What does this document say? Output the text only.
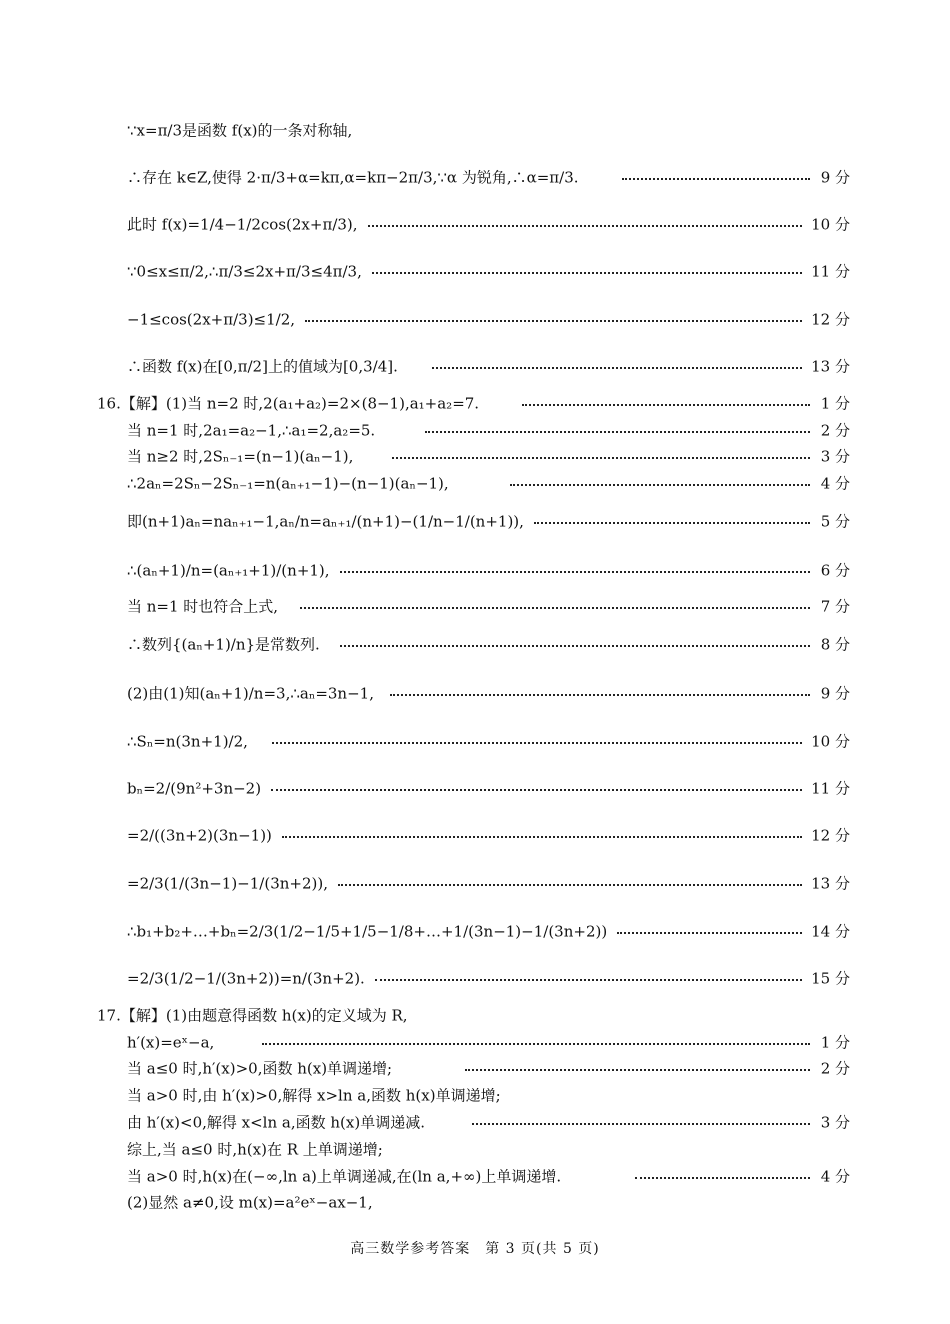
∵x=π/3是函数 f(x)的一条对称轴,
∴存在 k∈Z,使得 2·π/3+α=kπ,α=kπ−2π/3,∵α 为锐角,∴α=π/3.	9 分
此时 f(x)=1/4−1/2cos(2x+π/3),	10 分
∵0≤x≤π/2,∴π/3≤2x+π/3≤4π/3,	11 分
−1≤cos(2x+π/3)≤1/2,	12 分
∴函数 f(x)在[0,π/2]上的值域为[0,3/4].	13 分
16.【解】(1)当 n=2 时,2(a₁+a₂)=2×(8−1),a₁+a₂=7.	1 分
当 n=1 时,2a₁=a₂−1,∴a₁=2,a₂=5.	2 分
当 n≥2 时,2Sₙ₋₁=(n−1)(aₙ−1),	3 分
∴2aₙ=2Sₙ−2Sₙ₋₁=n(aₙ₊₁−1)−(n−1)(aₙ−1),	4 分
即(n+1)aₙ=naₙ₊₁−1,aₙ/n=aₙ₊₁/(n+1)−(1/n−1/(n+1)),	5 分
∴(aₙ+1)/n=(aₙ₊₁+1)/(n+1),	6 分
当 n=1 时也符合上式,	7 分
∴数列{(aₙ+1)/n}是常数列.	8 分
(2)由(1)知(aₙ+1)/n=3,∴aₙ=3n−1,	9 分
∴Sₙ=n(3n+1)/2,	10 分
bₙ=2/(9n²+3n−2)	11 分
=2/((3n+2)(3n−1))	12 分
=2/3(1/(3n−1)−1/(3n+2)),	13 分
∴b₁+b₂+…+bₙ=2/3(1/2−1/5+1/5−1/8+…+1/(3n−1)−1/(3n+2))	14 分
=2/3(1/2−1/(3n+2))=n/(3n+2).	15 分
17.【解】(1)由题意得函数 h(x)的定义域为 R,
h′(x)=eˣ−a,	1 分
当 a≤0 时,h′(x)>0,函数 h(x)单调递增;	2 分
当 a>0 时,由 h′(x)>0,解得 x>ln a,函数 h(x)单调递增;
由 h′(x)<0,解得 x<ln a,函数 h(x)单调递减.	3 分
综上,当 a≤0 时,h(x)在 R 上单调递增;
当 a>0 时,h(x)在(−∞,ln a)上单调递减,在(ln a,+∞)上单调递增.	4 分
(2)显然 a≠0,设 m(x)=a²eˣ−ax−1,
高三数学参考答案　第 3 页(共 5 页)
